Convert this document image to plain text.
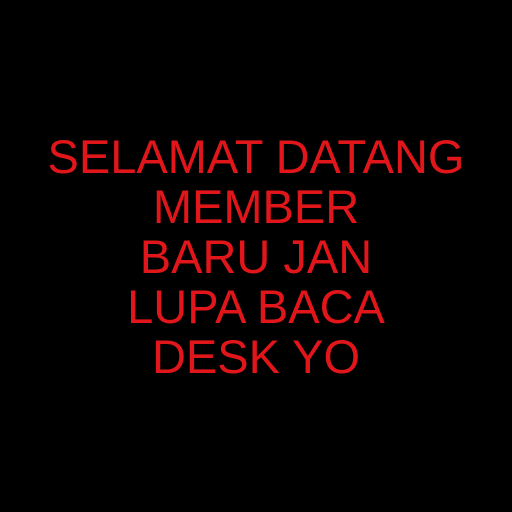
SELAMAT DATANG
MEMBER
BARU JAN
LUPA BACA
DESK YO
